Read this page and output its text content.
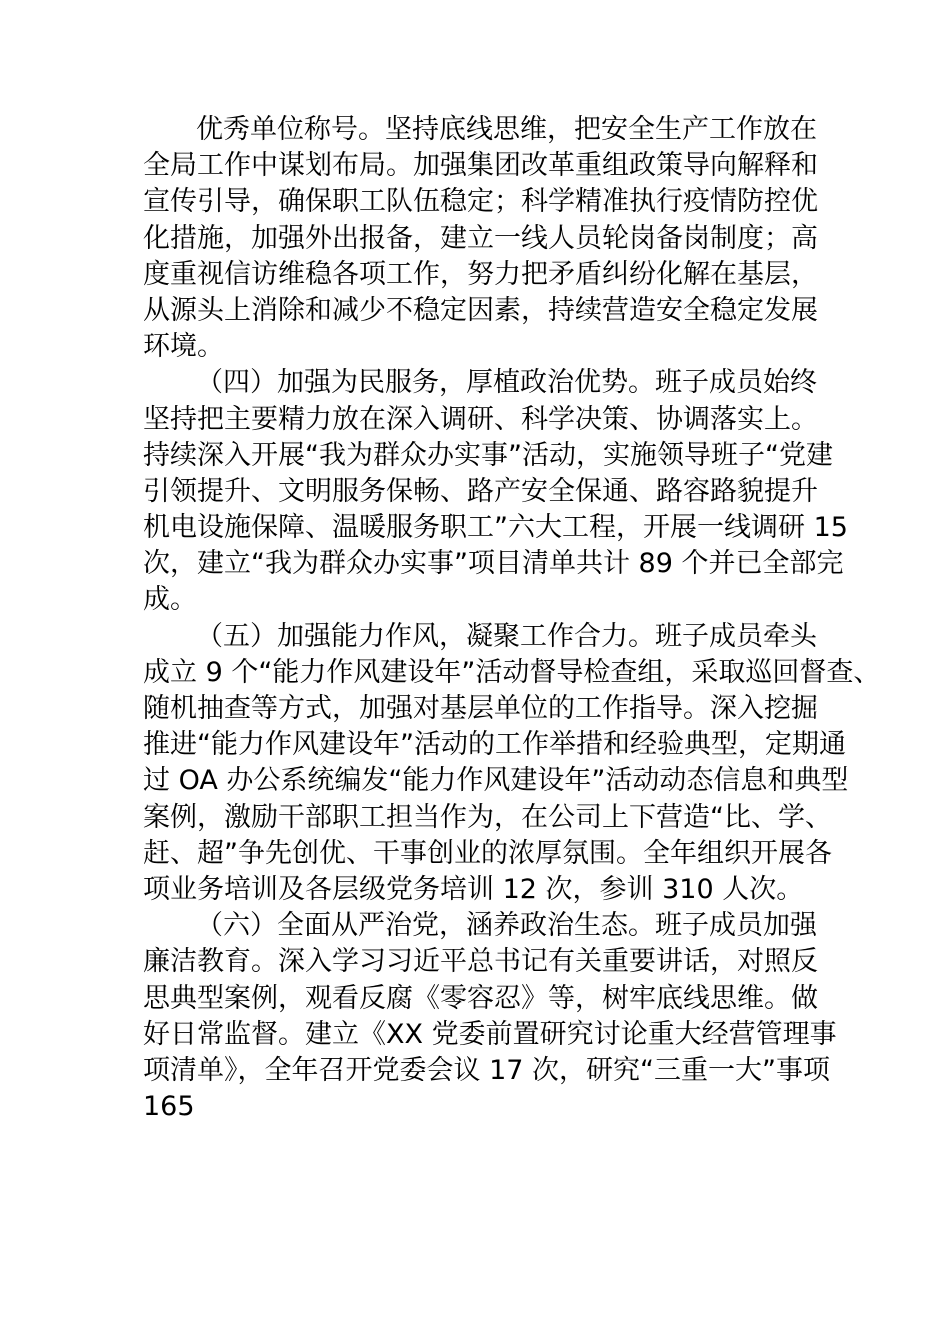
优秀单位称号。坚持底线思维，把安全生产工作放在
全局工作中谋划布局。加强集团改革重组政策导向解释和
宣传引导，确保职工队伍稳定；科学精准执行疫情防控优
化措施，加强外出报备，建立一线人员轮岗备岗制度；高
度重视信访维稳各项工作，努力把矛盾纠纷化解在基层，
从源头上消除和减少不稳定因素，持续营造安全稳定发展
环境。
（四）加强为民服务，厚植政治优势。班子成员始终
坚持把主要精力放在深入调研、科学决策、协调落实上。
持续深入开展“我为群众办实事”活动，实施领导班子“党建
引领提升、文明服务保畅、路产安全保通、路容路貌提升
机电设施保障、温暖服务职工”六大工程，开展一线调研 15
次，建立“我为群众办实事”项目清单共计 89 个并已全部完
成。
（五）加强能力作风，凝聚工作合力。班子成员牵头
成立 9 个“能力作风建设年”活动督导检查组，采取巡回督查、
随机抽查等方式，加强对基层单位的工作指导。深入挖掘
推进“能力作风建设年”活动的工作举措和经验典型，定期通
过 OA 办公系统编发“能力作风建设年”活动动态信息和典型
案例，激励干部职工担当作为，在公司上下营造“比、学、
赶、超”争先创优、干事创业的浓厚氛围。全年组织开展各
项业务培训及各层级党务培训 12 次，参训 310 人次。
（六）全面从严治党，涵养政治生态。班子成员加强
廉洁教育。深入学习习近平总书记有关重要讲话，对照反
思典型案例，观看反腐《零容忍》等，树牢底线思维。做
好日常监督。建立《XX 党委前置研究讨论重大经营管理事
项清单》，全年召开党委会议 17 次，研究“三重一大”事项
165
